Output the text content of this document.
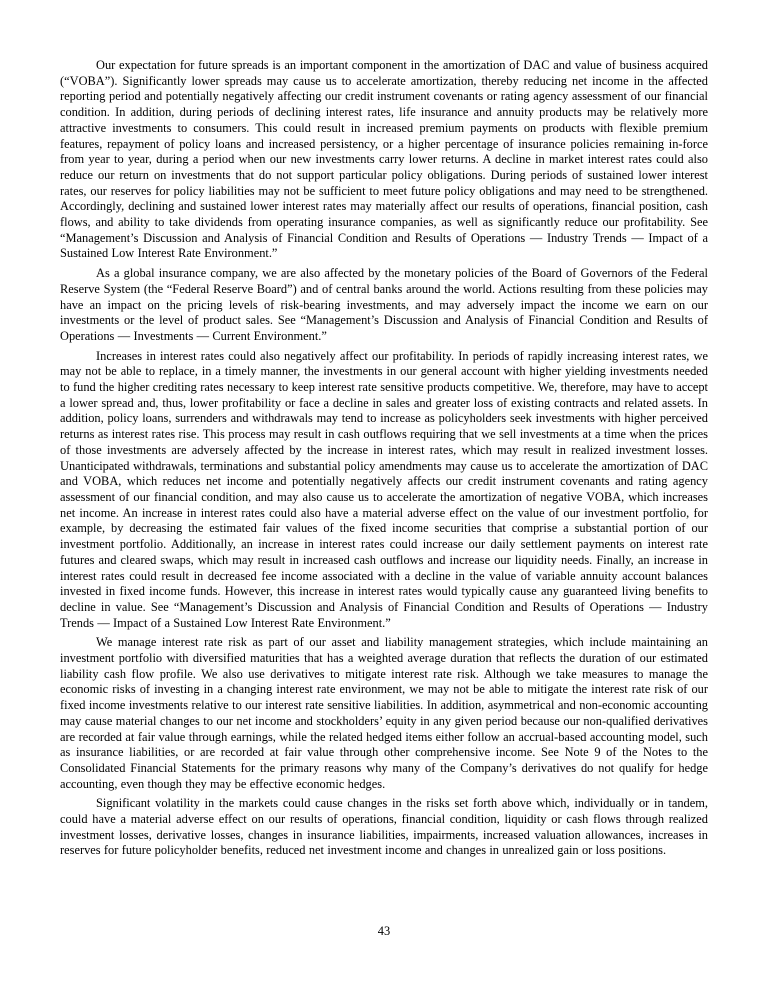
Our expectation for future spreads is an important component in the amortization of DAC and value of business acquired (“VOBA”). Significantly lower spreads may cause us to accelerate amortization, thereby reducing net income in the affected reporting period and potentially negatively affecting our credit instrument covenants or rating agency assessment of our financial condition. In addition, during periods of declining interest rates, life insurance and annuity products may be relatively more attractive investments to consumers. This could result in increased premium payments on products with flexible premium features, repayment of policy loans and increased persistency, or a higher percentage of insurance policies remaining in-force from year to year, during a period when our new investments carry lower returns. A decline in market interest rates could also reduce our return on investments that do not support particular policy obligations. During periods of sustained lower interest rates, our reserves for policy liabilities may not be sufficient to meet future policy obligations and may need to be strengthened. Accordingly, declining and sustained lower interest rates may materially affect our results of operations, financial position, cash flows, and ability to take dividends from operating insurance companies, as well as significantly reduce our profitability. See “Management’s Discussion and Analysis of Financial Condition and Results of Operations — Industry Trends — Impact of a Sustained Low Interest Rate Environment.”

As a global insurance company, we are also affected by the monetary policies of the Board of Governors of the Federal Reserve System (the “Federal Reserve Board”) and of central banks around the world. Actions resulting from these policies may have an impact on the pricing levels of risk-bearing investments, and may adversely impact the income we earn on our investments or the level of product sales. See “Management’s Discussion and Analysis of Financial Condition and Results of Operations — Investments — Current Environment.”

Increases in interest rates could also negatively affect our profitability. In periods of rapidly increasing interest rates, we may not be able to replace, in a timely manner, the investments in our general account with higher yielding investments needed to fund the higher crediting rates necessary to keep interest rate sensitive products competitive. We, therefore, may have to accept a lower spread and, thus, lower profitability or face a decline in sales and greater loss of existing contracts and related assets. In addition, policy loans, surrenders and withdrawals may tend to increase as policyholders seek investments with higher perceived returns as interest rates rise. This process may result in cash outflows requiring that we sell investments at a time when the prices of those investments are adversely affected by the increase in interest rates, which may result in realized investment losses. Unanticipated withdrawals, terminations and substantial policy amendments may cause us to accelerate the amortization of DAC and VOBA, which reduces net income and potentially negatively affects our credit instrument covenants and rating agency assessment of our financial condition, and may also cause us to accelerate the amortization of negative VOBA, which increases net income. An increase in interest rates could also have a material adverse effect on the value of our investment portfolio, for example, by decreasing the estimated fair values of the fixed income securities that comprise a substantial portion of our investment portfolio. Additionally, an increase in interest rates could increase our daily settlement payments on interest rate futures and cleared swaps, which may result in increased cash outflows and increase our liquidity needs. Finally, an increase in interest rates could result in decreased fee income associated with a decline in the value of variable annuity account balances invested in fixed income funds. However, this increase in interest rates would typically cause any guaranteed living benefits to decline in value. See “Management’s Discussion and Analysis of Financial Condition and Results of Operations — Industry Trends — Impact of a Sustained Low Interest Rate Environment.”

We manage interest rate risk as part of our asset and liability management strategies, which include maintaining an investment portfolio with diversified maturities that has a weighted average duration that reflects the duration of our estimated liability cash flow profile. We also use derivatives to mitigate interest rate risk. Although we take measures to manage the economic risks of investing in a changing interest rate environment, we may not be able to mitigate the interest rate risk of our fixed income investments relative to our interest rate sensitive liabilities. In addition, asymmetrical and non-economic accounting may cause material changes to our net income and stockholders’ equity in any given period because our non-qualified derivatives are recorded at fair value through earnings, while the related hedged items either follow an accrual-based accounting model, such as insurance liabilities, or are recorded at fair value through other comprehensive income. See Note 9 of the Notes to the Consolidated Financial Statements for the primary reasons why many of the Company’s derivatives do not qualify for hedge accounting, even though they may be effective economic hedges.

Significant volatility in the markets could cause changes in the risks set forth above which, individually or in tandem, could have a material adverse effect on our results of operations, financial condition, liquidity or cash flows through realized investment losses, derivative losses, changes in insurance liabilities, impairments, increased valuation allowances, increases in reserves for future policyholder benefits, reduced net investment income and changes in unrealized gain or loss positions.

43
